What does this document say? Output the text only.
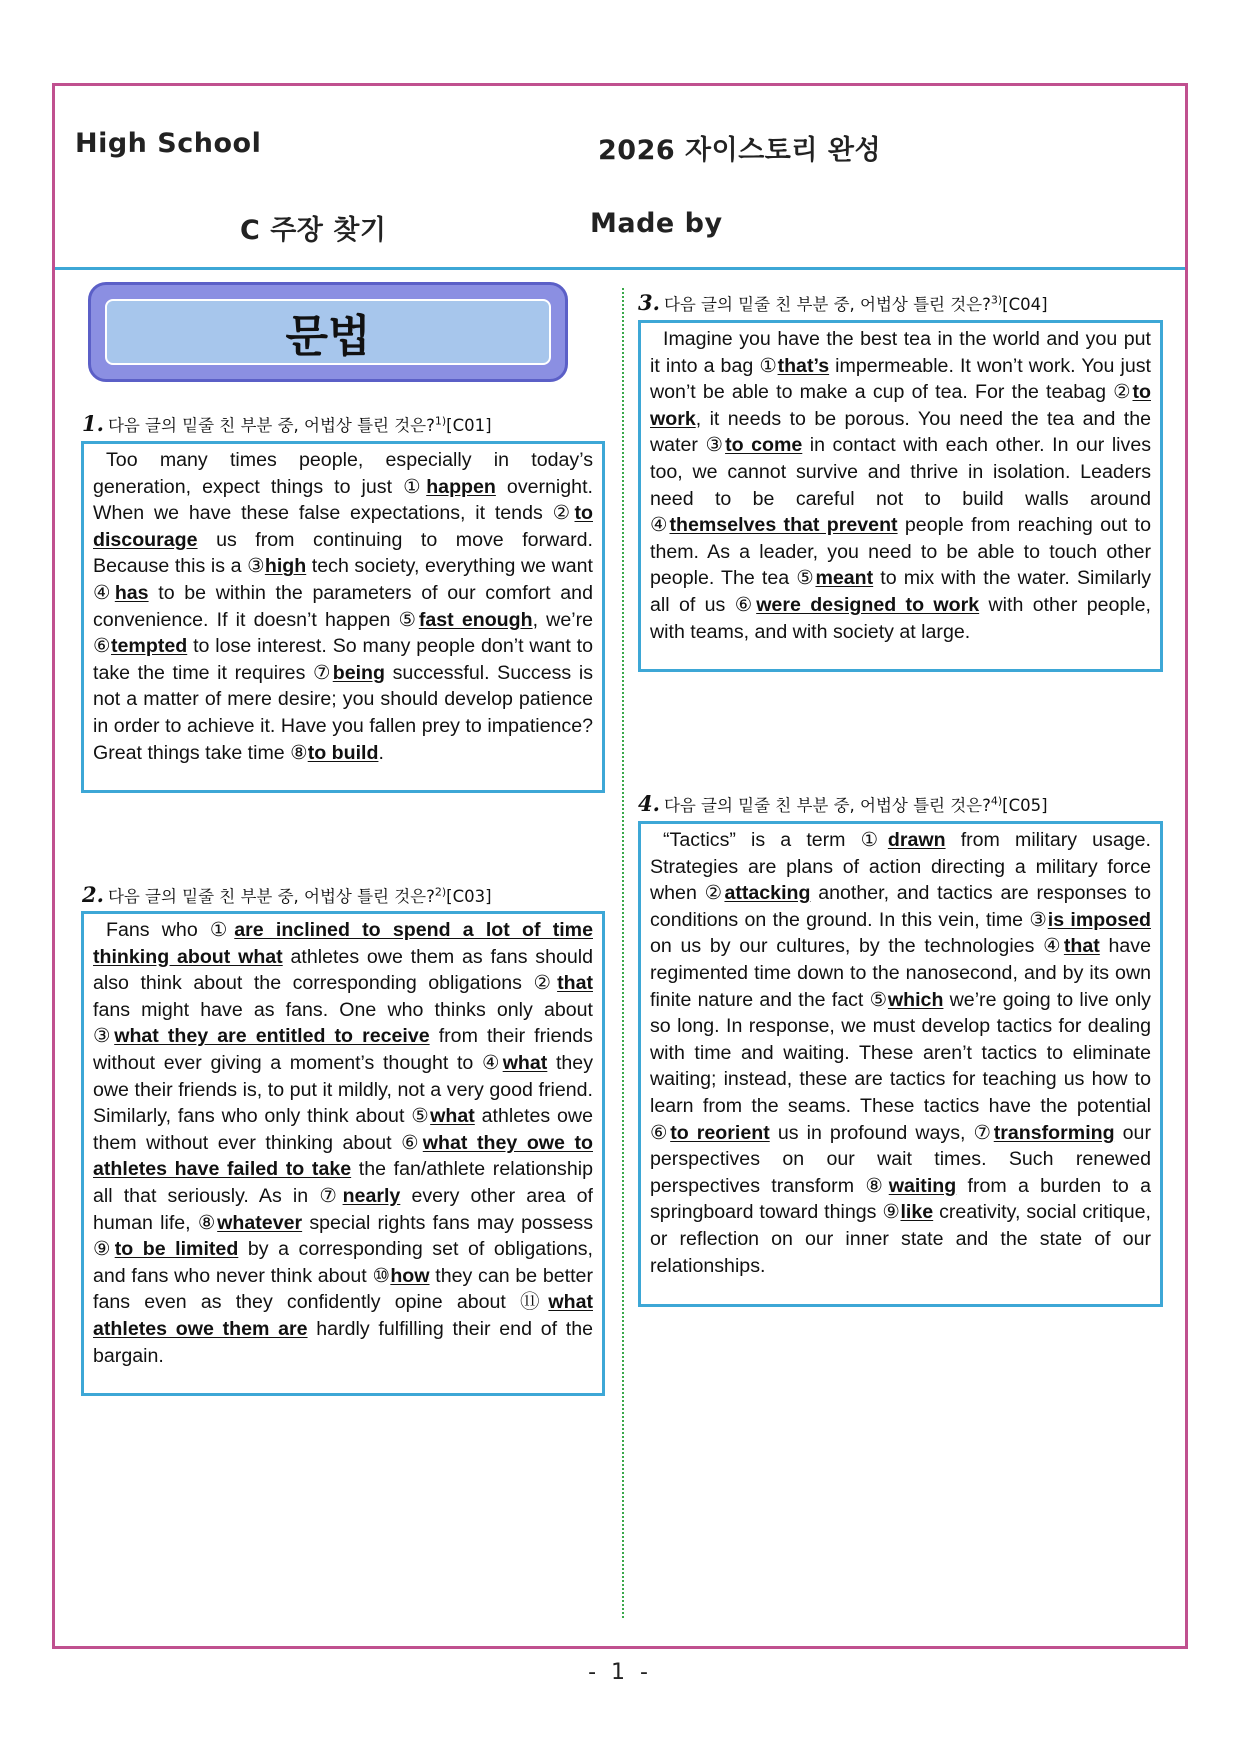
High School	2026 자이스토리 완성
C 주장 찾기	Made by
문법
1. 다음 글의 밑줄 친 부분 중, 어법상 틀린 것은?$^{1)}$[C01]

Too many times people, especially in today’s generation, expect things to just ①happen overnight. When we have these false expectations, it tends ②to discourage us from continuing to move forward. Because this is a ③high tech society, everything we want ④has to be within the parameters of our comfort and convenience. If it doesn’t happen ⑤fast enough, we’re ⑥tempted to lose interest. So many people don’t want to take the time it requires ⑦being successful. Success is not a matter of mere desire; you should develop patience in order to achieve it. Have you fallen prey to impatience? Great things take time ⑧to build.

2. 다음 글의 밑줄 친 부분 중, 어법상 틀린 것은?$^{2)}$[C03]

Fans who ①are inclined to spend a lot of time thinking about what athletes owe them as fans should also think about the corresponding obligations ②that fans might have as fans. One who thinks only about ③what they are entitled to receive from their friends without ever giving a moment’s thought to ④what they owe their friends is, to put it mildly, not a very good friend. Similarly, fans who only think about ⑤what athletes owe them without ever thinking about ⑥what they owe to athletes have failed to take the fan/athlete relationship all that seriously. As in ⑦nearly every other area of human life, ⑧whatever special rights fans may possess ⑨to be limited by a corresponding set of obligations, and fans who never think about ⑩how they can be better fans even as they confidently opine about ⑪what athletes owe them are hardly fulfilling their end of the bargain.

3. 다음 글의 밑줄 친 부분 중, 어법상 틀린 것은?$^{3)}$[C04]

Imagine you have the best tea in the world and you put it into a bag ①that’s impermeable. It won’t work. You just won’t be able to make a cup of tea. For the teabag ②to work, it needs to be porous. You need the tea and the water ③to come in contact with each other. In our lives too, we cannot survive and thrive in isolation. Leaders need to be careful not to build walls around ④themselves that prevent people from reaching out to them. As a leader, you need to be able to touch other people. The tea ⑤meant to mix with the water. Similarly all of us ⑥were designed to work with other people, with teams, and with society at large.

4. 다음 글의 밑줄 친 부분 중, 어법상 틀린 것은?$^{4)}$[C05]

“Tactics” is a term ①drawn from military usage. Strategies are plans of action directing a military force when ②attacking another, and tactics are responses to conditions on the ground. In this vein, time ③is imposed on us by our cultures, by the technologies ④that have regimented time down to the nanosecond, and by its own finite nature and the fact ⑤which we’re going to live only so long. In response, we must develop tactics for dealing with time and waiting. These aren’t tactics to eliminate waiting; instead, these are tactics for teaching us how to learn from the seams. These tactics have the potential ⑥to reorient us in profound ways, ⑦transforming our perspectives on our wait times. Such renewed perspectives transform ⑧waiting from a burden to a springboard toward things ⑨like creativity, social critique, or reflection on our inner state and the state of our relationships.

- 1 -
